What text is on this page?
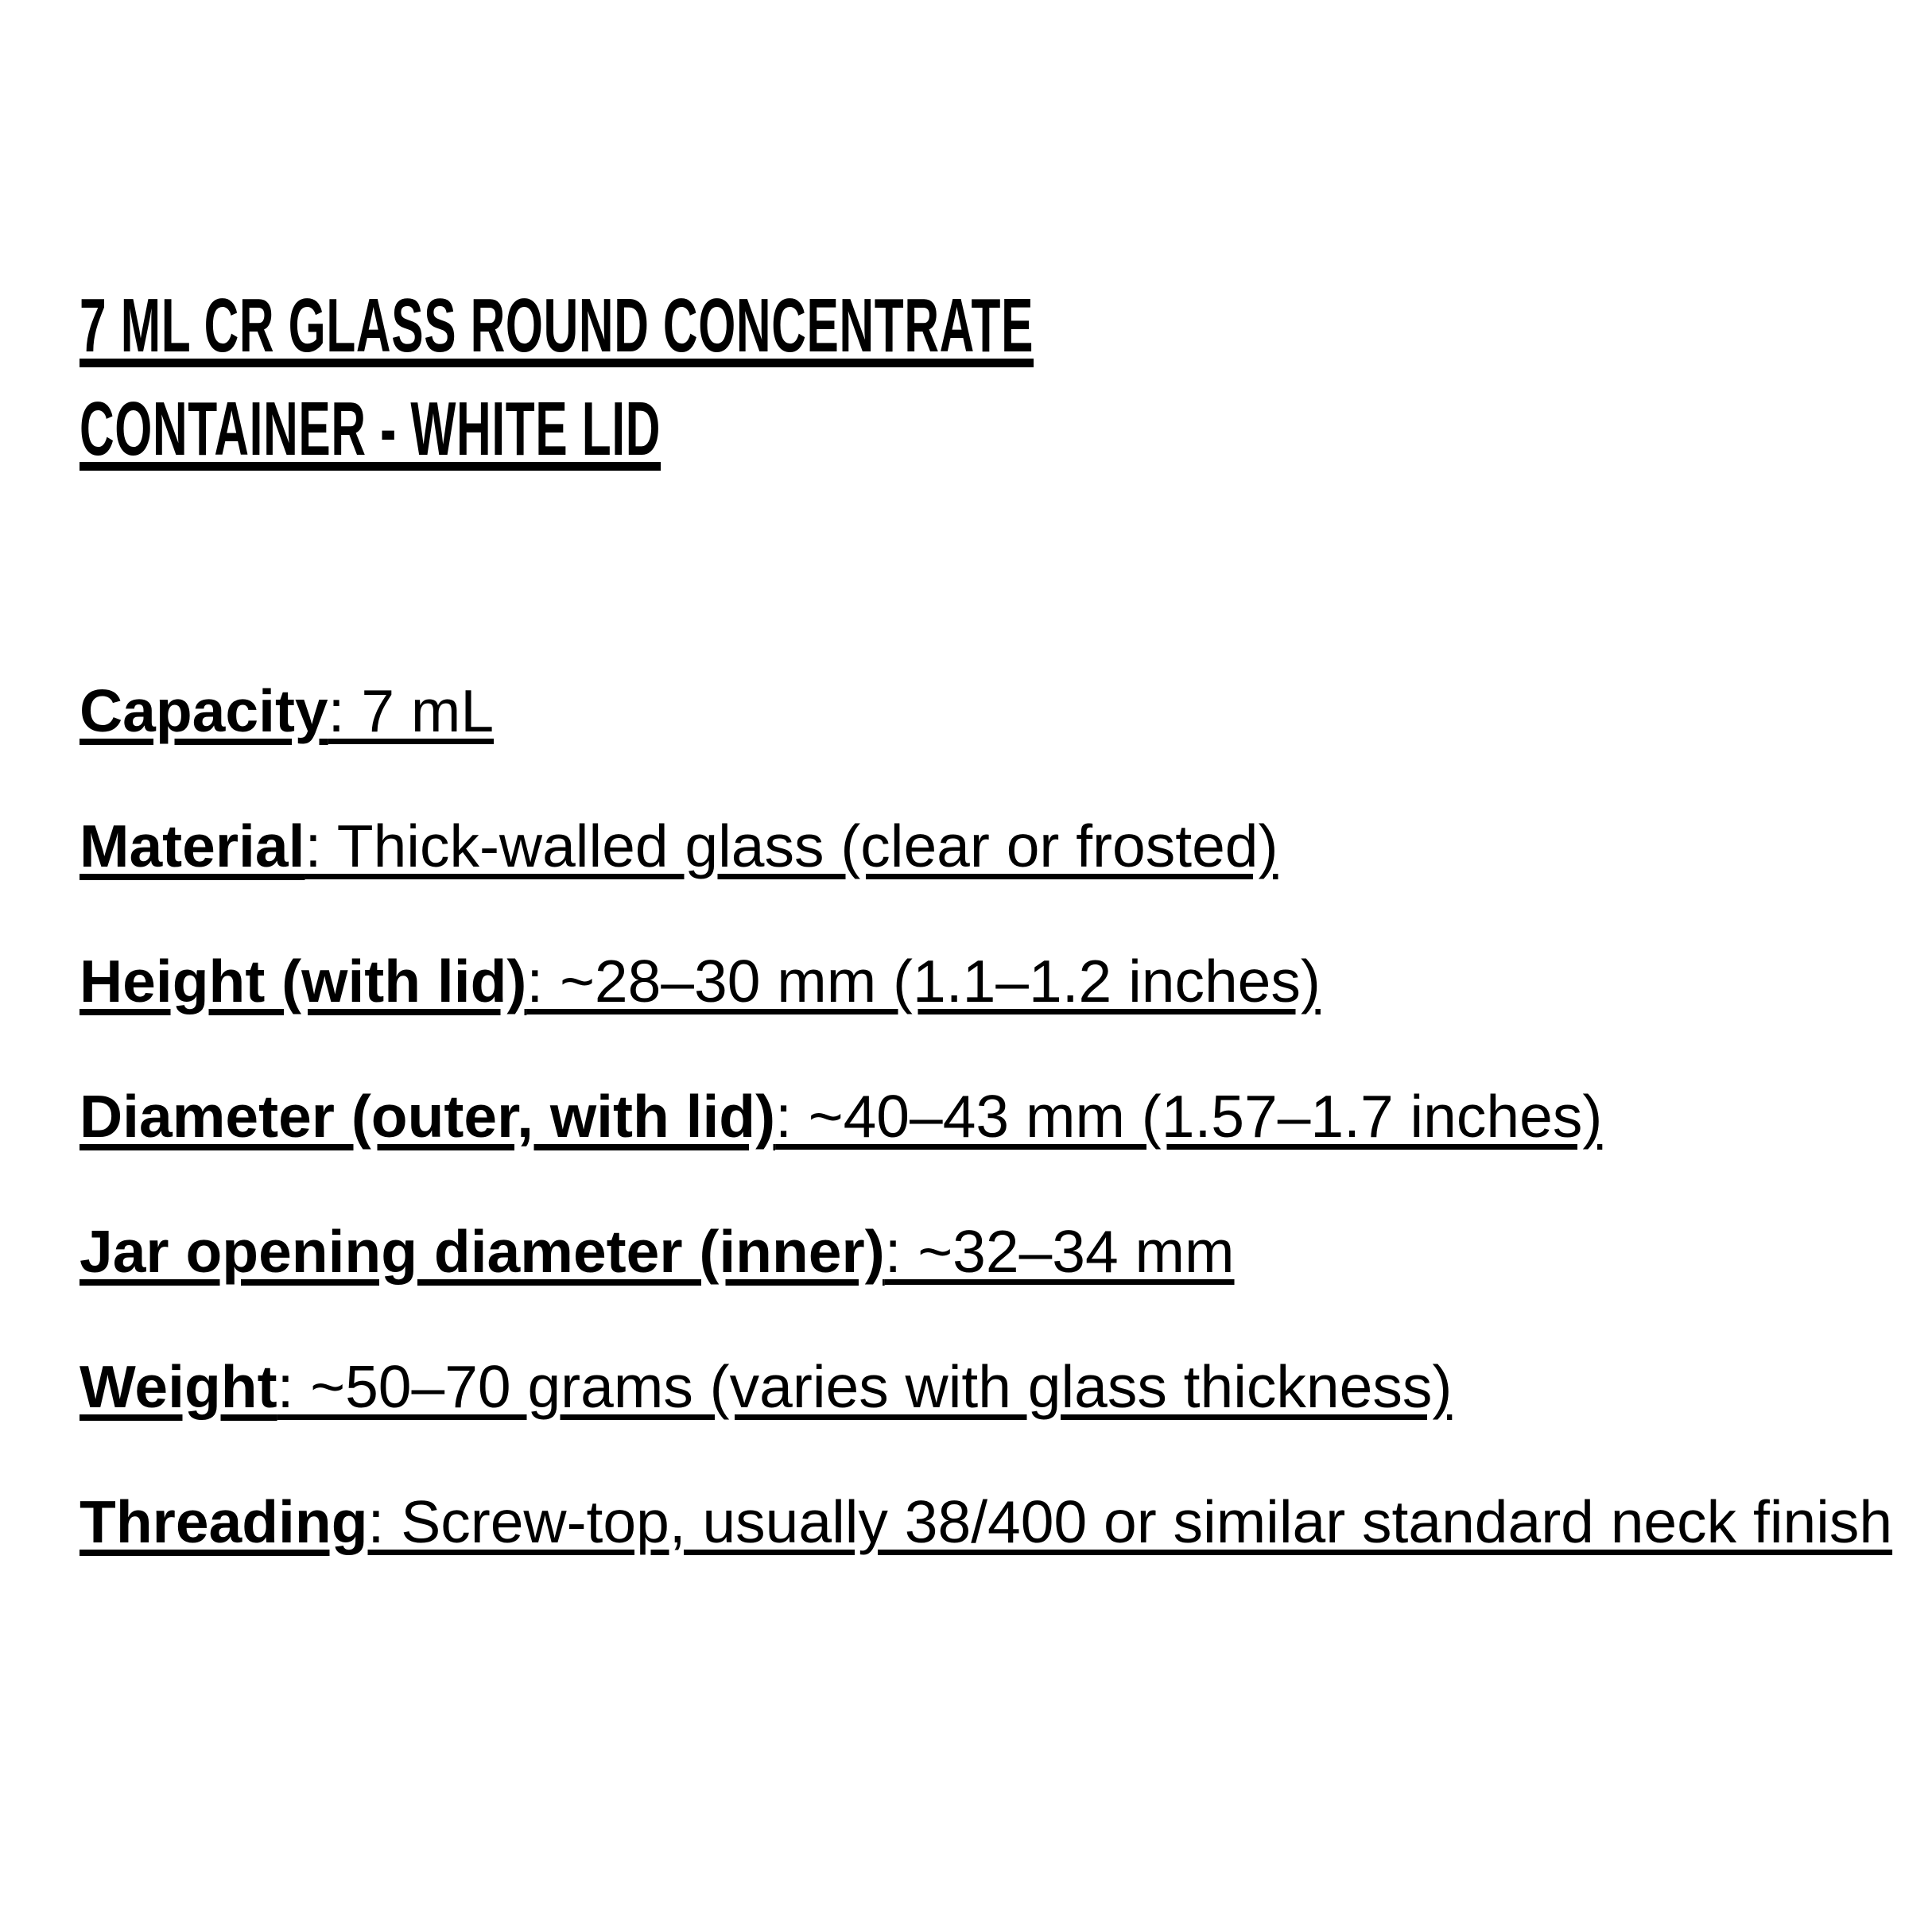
7 ML CR GLASS ROUND CONCENTRATE CONTAINER - WHITE LID

Capacity: 7 mL

Material: Thick-walled glass (clear or frosted)

Height (with lid): ~28–30 mm (1.1–1.2 inches)

Diameter (outer, with lid): ~40–43 mm (1.57–1.7 inches)

Jar opening diameter (inner): ~32–34 mm

Weight: ~50–70 grams (varies with glass thickness)

Threading: Screw-top, usually 38/400 or similar standard neck finish
